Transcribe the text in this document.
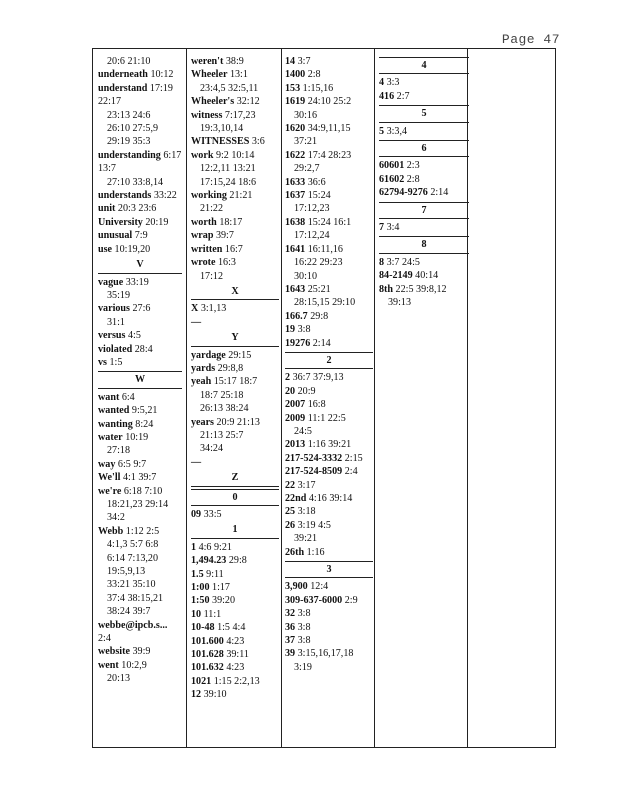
Page 47
20:6 21:10
underneath 10:12
understand 17:19 22:17
23:13 24:6
26:10 27:5,9
29:19 35:3
understanding 6:17 13:7
27:10 33:8,14
understands 33:22
unit 20:3 23:6
University 20:19
unusual 7:9
use 10:19,20
V
vague 33:19
35:19
various 27:6
31:1
versus 4:5
violated 28:4
vs 1:5
W
want 6:4
wanted 9:5,21
wanting 8:24
water 10:19
27:18
way 6:5 9:7
We'll 4:1 39:7
we're 6:18 7:10
18:21,23 29:14
34:2
Webb 1:12 2:5
4:1,3 5:7 6:8
6:14 7:13,20
19:5,9,13
33:21 35:10
37:4 38:15,21
38:24 39:7
webbe@ipcb.s... 2:4
website 39:9
went 10:2,9
20:13
weren't 38:9
Wheeler 13:1
23:4,5 32:5,11
Wheeler's 32:12
witness 7:17,23
19:3,10,14
WITNESSES 3:6
work 9:2 10:14
12:2,11 13:21
17:15,24 18:6
working 21:21
21:22
worth 18:17
wrap 39:7
written 16:7
wrote 16:3
17:12
X
X 3:1,13
—
Y
yardage 29:15
yards 29:8,8
yeah 15:17 18:7
18:7 25:18
26:13 38:24
years 20:9 21:13
21:13 25:7
34:24
—
Z
0
09 33:5
1
1 4:6 9:21
1,494.23 29:8
1.5 9:11
1:00 1:17
1:50 39:20
10 11:1
10-48 1:5 4:4
101.600 4:23
101.628 39:11
101.632 4:23
1021 1:15 2:2,13
12 39:10
14 3:7
1400 2:8
153 1:15,16
1619 24:10 25:2
30:16
1620 34:9,11,15
37:21
1622 17:4 28:23
29:2,7
1633 36:6
1637 15:24
17:12,23
1638 15:24 16:1
17:12,24
1641 16:11,16
16:22 29:23
30:10
1643 25:21
28:15,15 29:10
166.7 29:8
19 3:8
19276 2:14
2
2 36:7 37:9,13
20 20:9
2007 16:8
2009 11:1 22:5
24:5
2013 1:16 39:21
217-524-3332 2:15
217-524-8509 2:4
22 3:17
22nd 4:16 39:14
25 3:18
26 3:19 4:5
39:21
26th 1:16
3
3,900 12:4
309-637-6000 2:9
32 3:8
36 3:8
37 3:8
39 3:15,16,17,18
3:19
4
4 3:3
416 2:7
5
5 3:3,4
6
60601 2:3
61602 2:8
62794-9276 2:14
7
7 3:4
8
8 3:7 24:5
84-2149 40:14
8th 22:5 39:8,12
39:13
